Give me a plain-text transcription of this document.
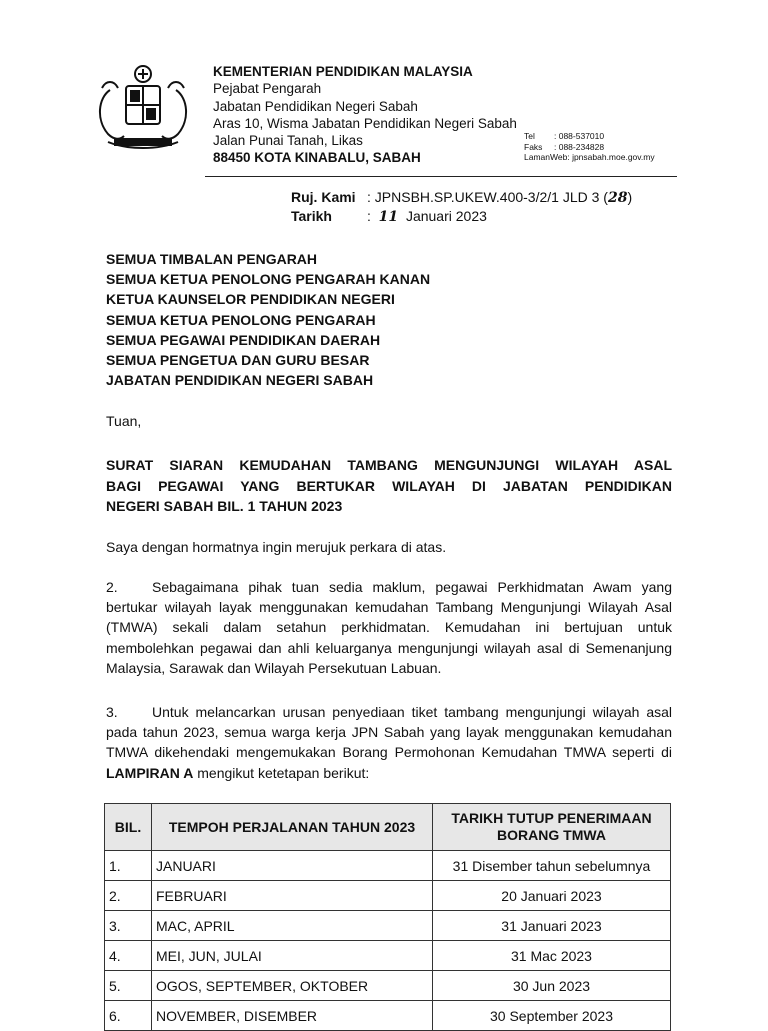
KEMENTERIAN PENDIDIKAN MALAYSIA
Pejabat Pengarah
Jabatan Pendidikan Negeri Sabah
Aras 10, Wisma Jabatan Pendidikan Negeri Sabah
Jalan Punai Tanah, Likas
88450 KOTA KINABALU, SABAH
Tel : 088-537010
Faks : 088-234828
LamanWeb: jpnsabah.moe.gov.my
Ruj. Kami : JPNSBH.SP.UKEW.400-3/2/1 JLD 3 (28)
Tarikh	: 11 Januari 2023
SEMUA TIMBALAN PENGARAH
SEMUA KETUA PENOLONG PENGARAH KANAN
KETUA KAUNSELOR PENDIDIKAN NEGERI
SEMUA KETUA PENOLONG PENGARAH
SEMUA PEGAWAI PENDIDIKAN DAERAH
SEMUA PENGETUA DAN GURU BESAR
JABATAN PENDIDIKAN NEGERI SABAH
Tuan,
SURAT SIARAN KEMUDAHAN TAMBANG MENGUNJUNGI WILAYAH ASAL
BAGI PEGAWAI YANG BERTUKAR WILAYAH DI JABATAN PENDIDIKAN
NEGERI SABAH BIL. 1 TAHUN 2023
Saya dengan hormatnya ingin merujuk perkara di atas.
2. Sebagaimana pihak tuan sedia maklum, pegawai Perkhidmatan Awam yang bertukar wilayah layak menggunakan kemudahan Tambang Mengunjungi Wilayah Asal (TMWA) sekali dalam setahun perkhidmatan. Kemudahan ini bertujuan untuk membolehkan pegawai dan ahli keluarganya mengunjungi wilayah asal di Semenanjung Malaysia, Sarawak dan Wilayah Persekutuan Labuan.
3. Untuk melancarkan urusan penyediaan tiket tambang mengunjungi wilayah asal pada tahun 2023, semua warga kerja JPN Sabah yang layak menggunakan kemudahan TMWA dikehendaki mengemukakan Borang Permohonan Kemudahan TMWA seperti di LAMPIRAN A mengikut ketetapan berikut:
BIL.	TEMPOH PERJALANAN TAHUN 2023	TARIKH TUTUP PENERIMAAN BORANG TMWA
1.	JANUARI	31 Disember tahun sebelumnya
2.	FEBRUARI	20 Januari 2023
3.	MAC, APRIL	31 Januari 2023
4.	MEI, JUN, JULAI	31 Mac 2023
5.	OGOS, SEPTEMBER, OKTOBER	30 Jun 2023
6.	NOVEMBER, DISEMBER	30 September 2023
